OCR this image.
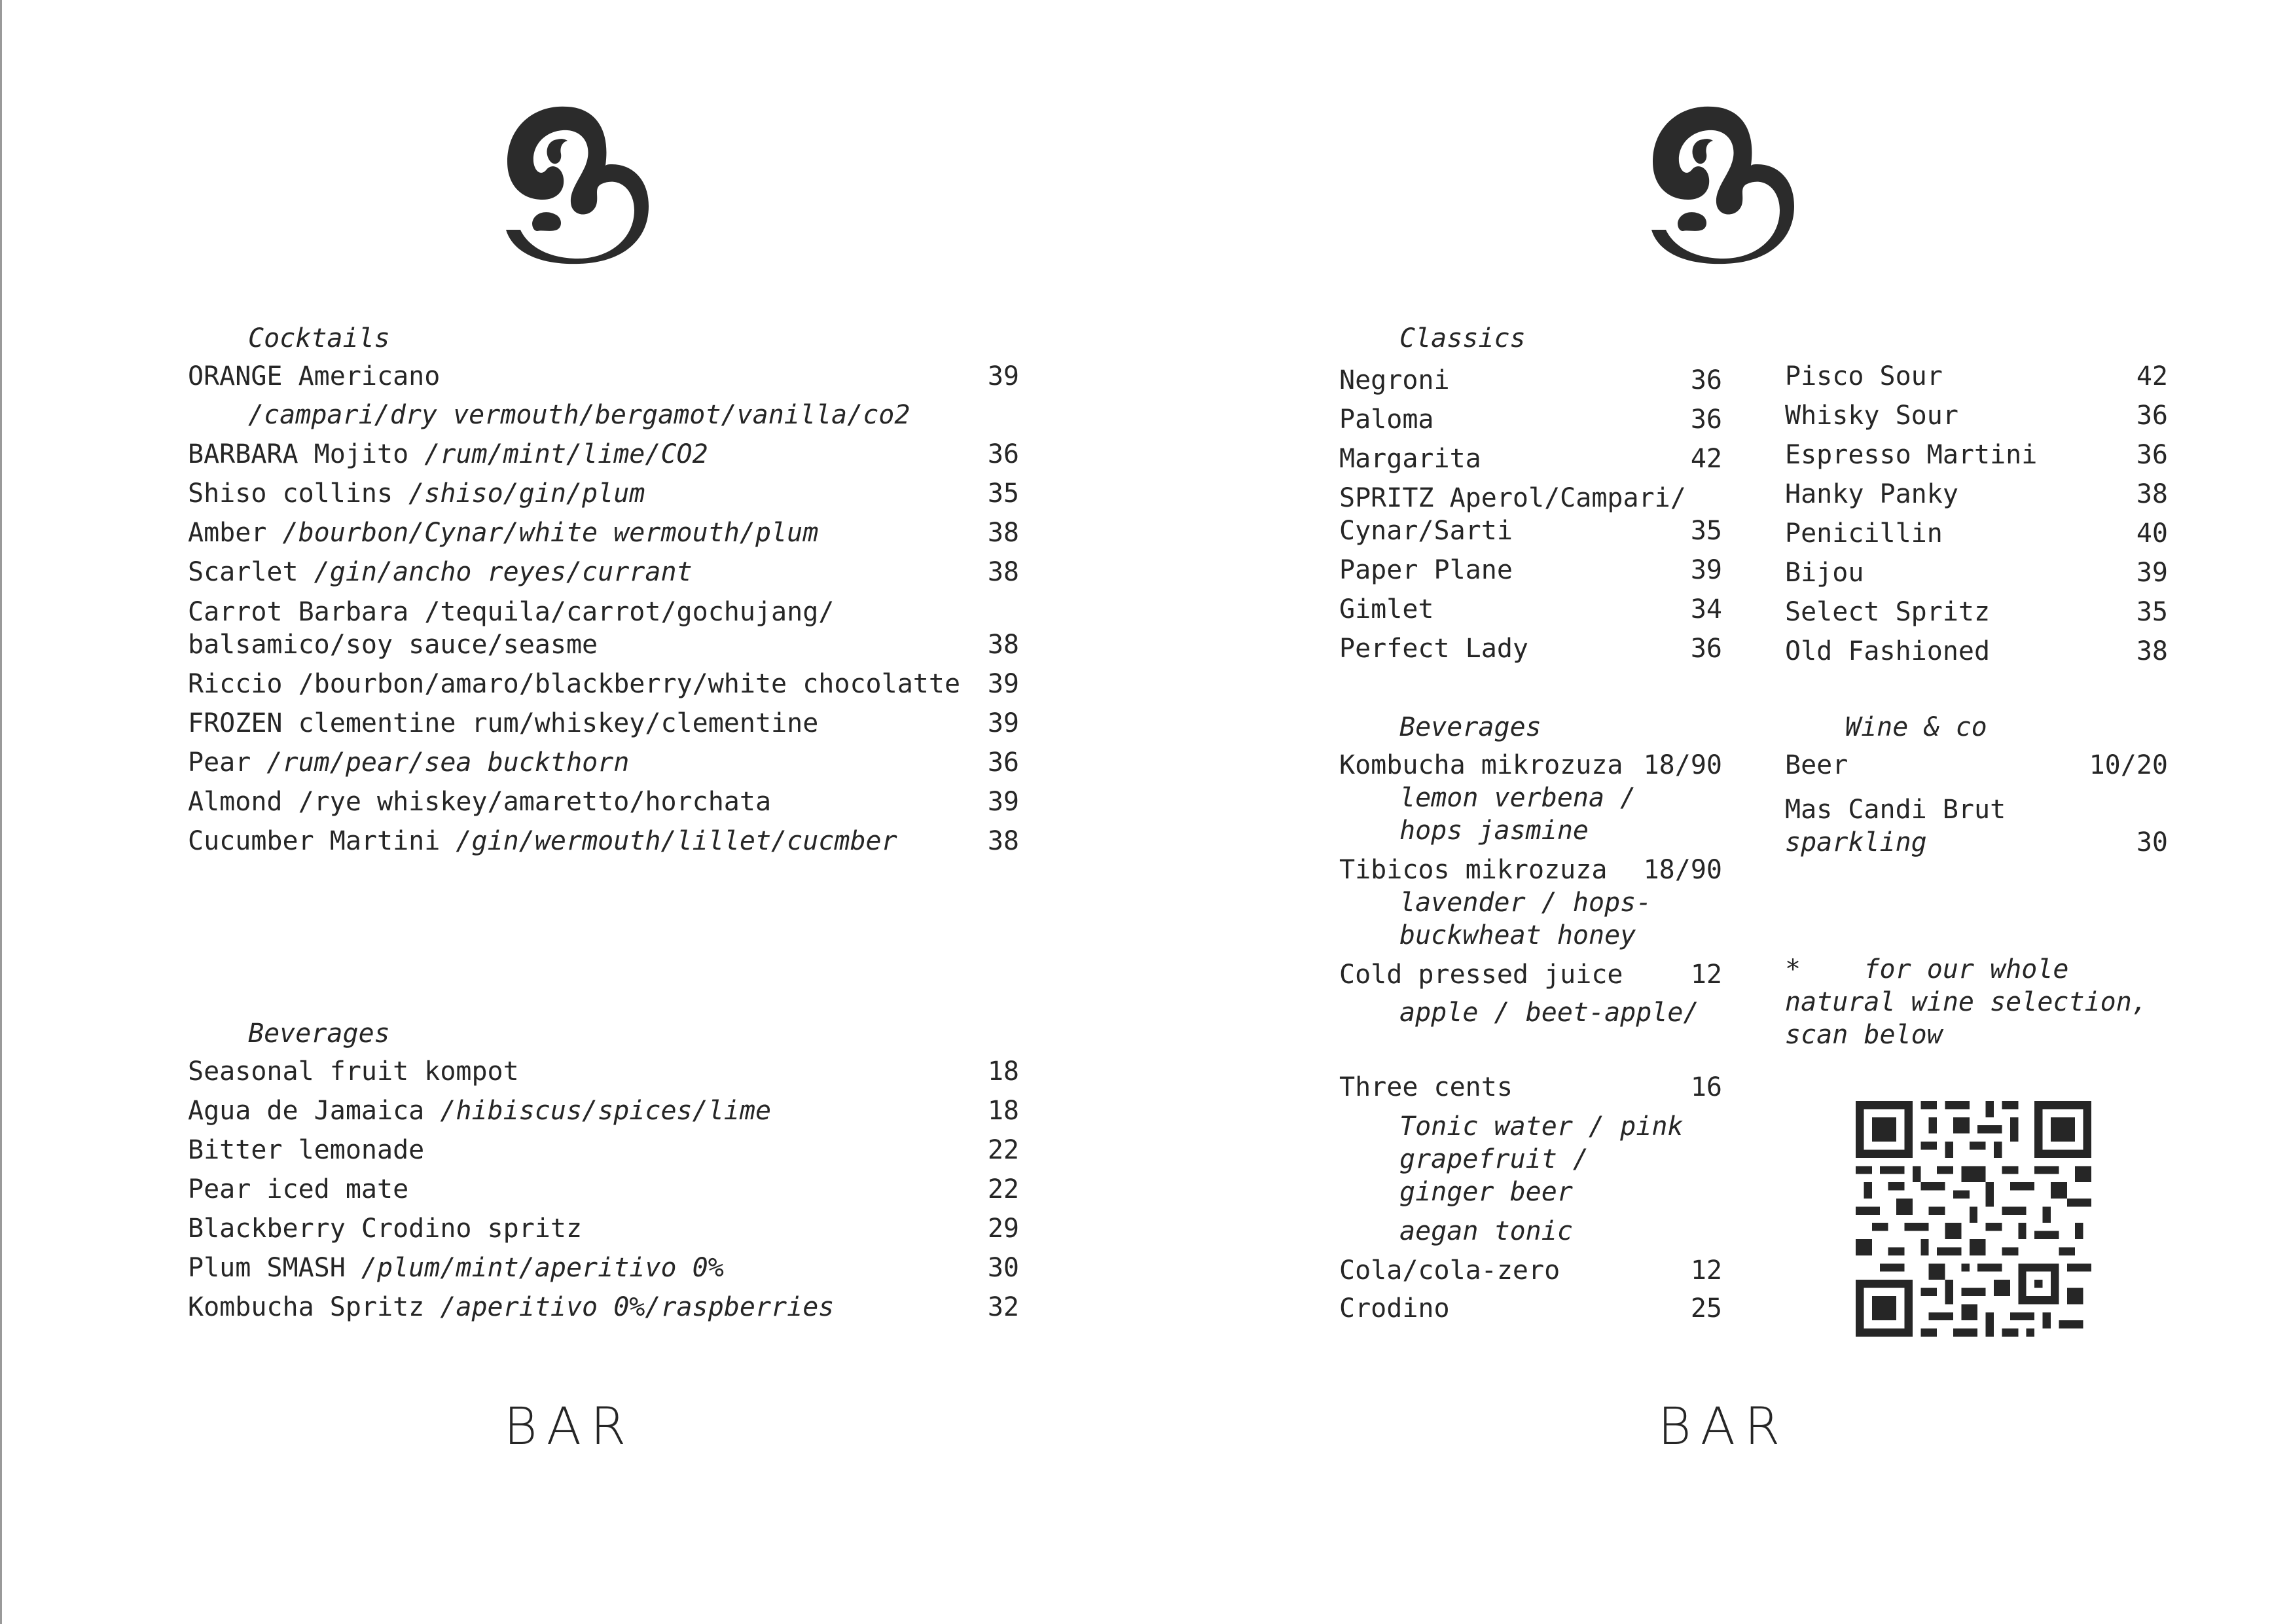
Cocktails
ORANGE Americano	39
/campari/dry vermouth/bergamot/vanilla/co2
BARBARA Mojito /rum/mint/lime/CO2	36
Shiso collins /shiso/gin/plum	35
Amber /bourbon/Cynar/white wermouth/plum	38
Scarlet /gin/ancho reyes/currant	38
Carrot Barbara /tequila/carrot/gochujang/
balsamico/soy sauce/seasme	38
Riccio /bourbon/amaro/blackberry/white chocolatte 39
FROZEN clementine rum/whiskey/clementine	39
Pear /rum/pear/sea buckthorn	36
Almond /rye whiskey/amaretto/horchata	39
Cucumber Martini /gin/wermouth/lillet/cucmber	38
Beverages
Seasonal fruit kompot	18
Agua de Jamaica /hibiscus/spices/lime	18
Bitter lemonade	22
Pear iced mate	22
Blackberry Crodino spritz	29
Plum SMASH /plum/mint/aperitivo 0%	30
Kombucha Spritz /aperitivo 0%/raspberries	32
BAR
Classics
Negroni	36
Paloma	36
Margarita	42
SPRITZ Aperol/Campari/
Cynar/Sarti	35
Paper Plane	39
Gimlet	34
Perfect Lady	36
Pisco Sour	42
Whisky Sour	36
Espresso Martini	36
Hanky Panky	38
Penicillin	40
Bijou	39
Select Spritz	35
Old Fashioned	38
Beverages
Kombucha mikrozuza 18/90
lemon verbena /
hops jasmine
Tibicos mikrozuza 18/90
lavender / hops-
buckwheat honey
Cold pressed juice	12
apple / beet-apple/
Three cents	16
Tonic water / pink
grapefruit /
ginger beer
aegan tonic
Cola/cola-zero	12
Crodino	25
Wine & co
Beer	10/20
Mas Candi Brut
sparkling	30
*    for our whole
natural wine selection,
scan below
BAR
